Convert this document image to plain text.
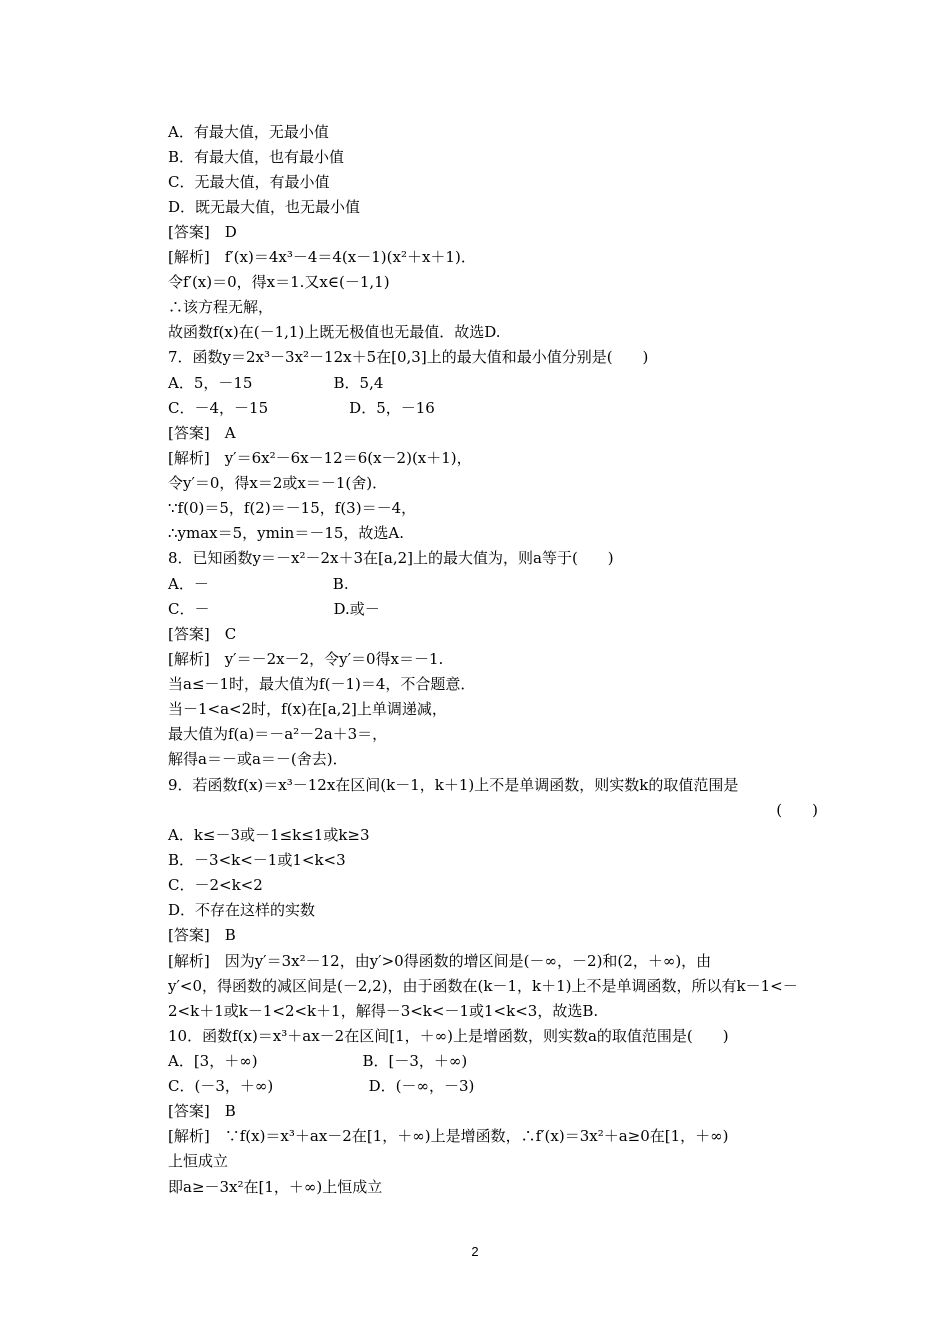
A．有最大值，无最小值
B．有最大值，也有最小值
C．无最大值，有最小值
D．既无最大值，也无最小值
[答案]　D
[解析]　f′(x)＝4x³－4＝4(x－1)(x²＋x＋1)．
令f′(x)＝0，得x＝1.又x∈(－1,1)
∴该方程无解，
故函数f(x)在(－1,1)上既无极值也无最值．故选D.
7．函数y＝2x³－3x²－12x＋5在[0,3]上的最大值和最小值分别是(　　)
A．5，－15                 B．5,4
C．－4，－15                 D．5，－16
[答案]　A
[解析]　y′＝6x²－6x－12＝6(x－2)(x＋1)，
令y′＝0，得x＝2或x＝－1(舍)．
∵f(0)＝5，f(2)＝－15，f(3)＝－4，
∴ymax＝5，ymin＝－15，故选A.
8．已知函数y＝－x²－2x＋3在[a,2]上的最大值为，则a等于(　　)
A．－                          B.
C．－                          D.或－
[答案]　C
[解析]　y′＝－2x－2，令y′＝0得x＝－1.
当a≤－1时，最大值为f(－1)＝4，不合题意．
当－1<a<2时，f(x)在[a,2]上单调递减，
最大值为f(a)＝－a²－2a＋3＝，
解得a＝－或a＝－(舍去)．
9．若函数f(x)＝x³－12x在区间(k－1，k＋1)上不是单调函数，则实数k的取值范围是
(　　)
A．k≤－3或－1≤k≤1或k≥3
B．－3<k<－1或1<k<3
C．－2<k<2
D．不存在这样的实数
[答案]　B
[解析]　因为y′＝3x²－12，由y′>0得函数的增区间是(－∞，－2)和(2，＋∞)，由
y′<0，得函数的减区间是(－2,2)，由于函数在(k－1，k＋1)上不是单调函数，所以有k－1<－
2<k＋1或k－1<2<k＋1，解得－3<k<－1或1<k<3，故选B.
10．函数f(x)＝x³＋ax－2在区间[1，＋∞)上是增函数，则实数a的取值范围是(　　)
A．[3，＋∞)                      B．[－3，＋∞)
C．(－3，＋∞)                    D．(－∞，－3)
[答案]　B
[解析]　∵f(x)＝x³＋ax－2在[1，＋∞)上是增函数，∴f′(x)＝3x²＋a≥0在[1，＋∞)
上恒成立
即a≥－3x²在[1，＋∞)上恒成立
2
